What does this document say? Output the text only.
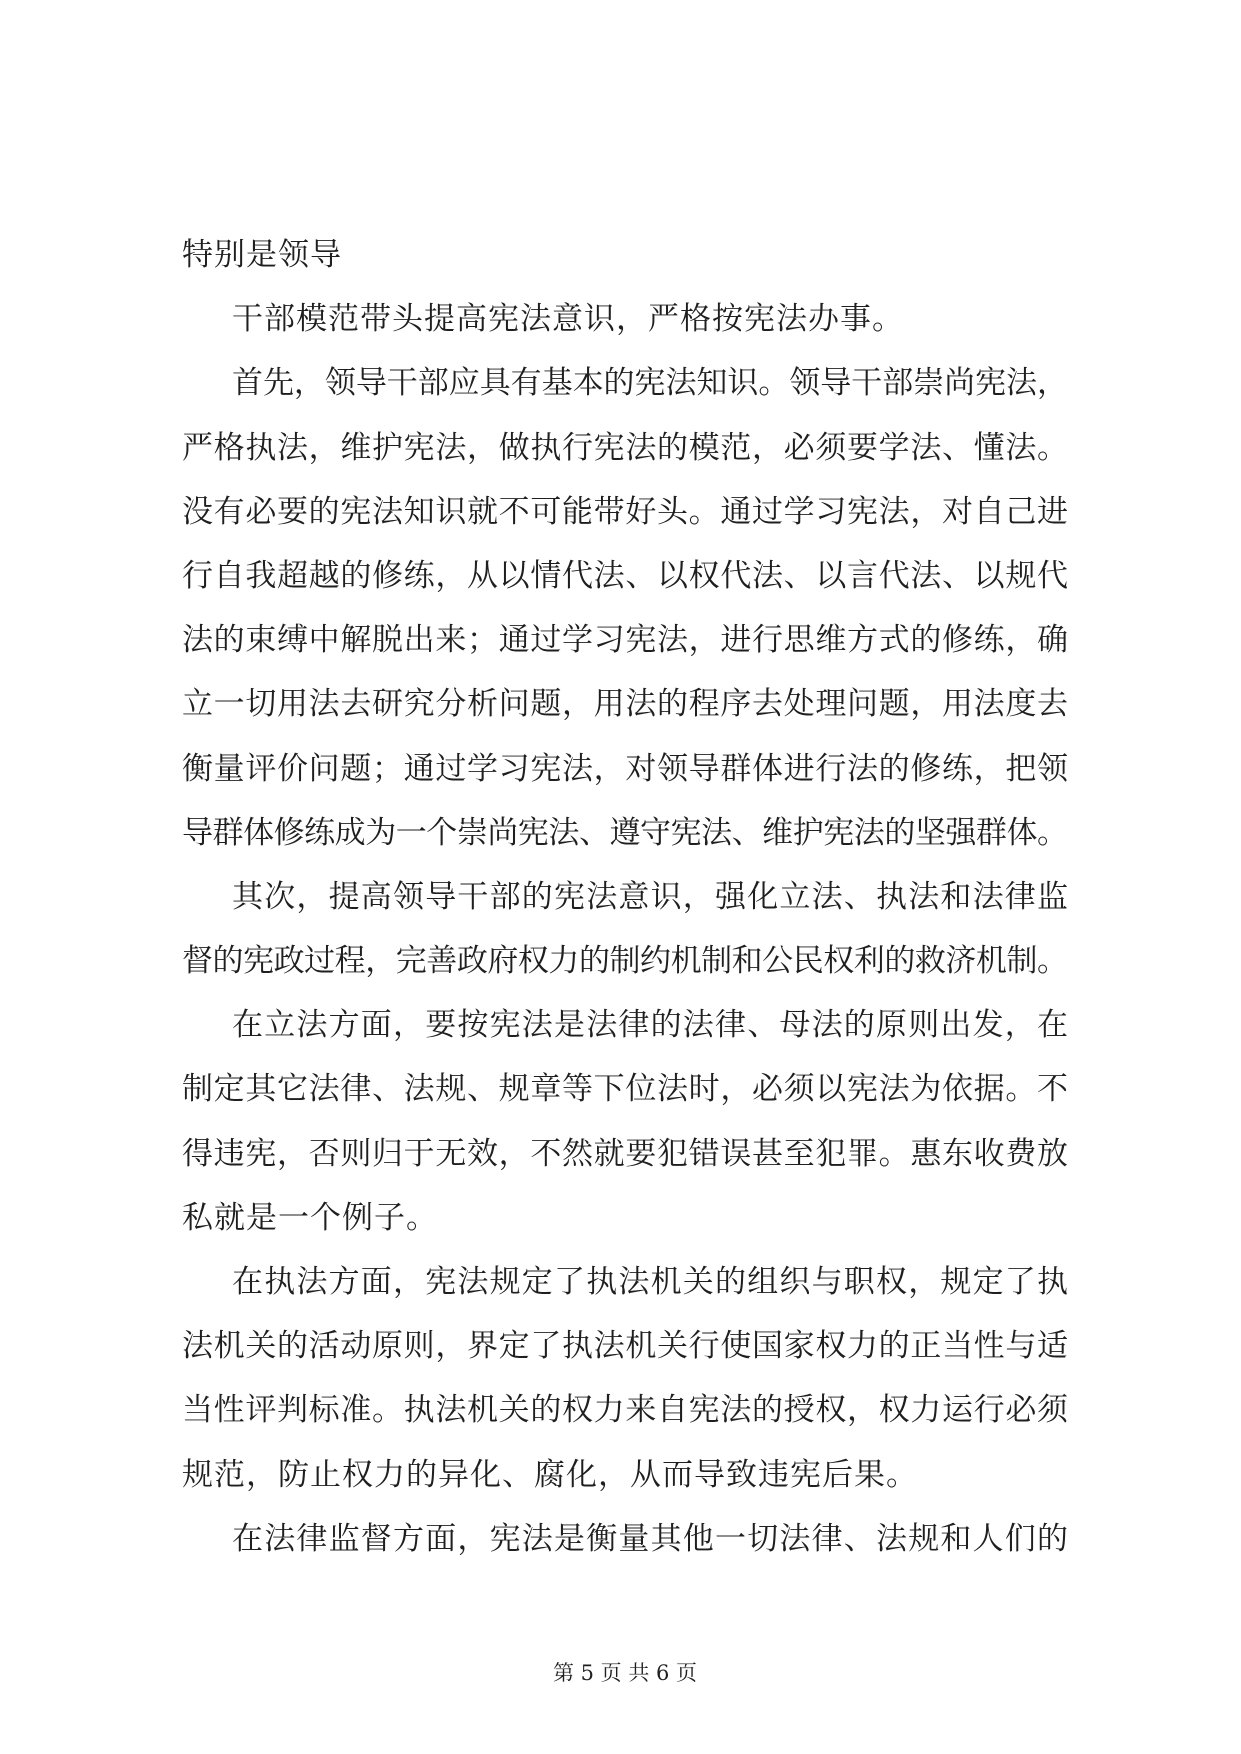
特别是领导
干部模范带头提高宪法意识，严格按宪法办事。
首先，领导干部应具有基本的宪法知识。领导干部崇尚宪法，
严格执法，维护宪法，做执行宪法的模范，必须要学法、懂法。
没有必要的宪法知识就不可能带好头。通过学习宪法，对自己进
行自我超越的修练，从以情代法、以权代法、以言代法、以规代
法的束缚中解脱出来；通过学习宪法，进行思维方式的修练，确
立一切用法去研究分析问题，用法的程序去处理问题，用法度去
衡量评价问题；通过学习宪法，对领导群体进行法的修练，把领
导群体修练成为一个崇尚宪法、遵守宪法、维护宪法的坚强群体。
其次，提高领导干部的宪法意识，强化立法、执法和法律监
督的宪政过程，完善政府权力的制约机制和公民权利的救济机制。
在立法方面，要按宪法是法律的法律、母法的原则出发，在
制定其它法律、法规、规章等下位法时，必须以宪法为依据。不
得违宪，否则归于无效，不然就要犯错误甚至犯罪。惠东收费放
私就是一个例子。
在执法方面，宪法规定了执法机关的组织与职权，规定了执
法机关的活动原则，界定了执法机关行使国家权力的正当性与适
当性评判标准。执法机关的权力来自宪法的授权，权力运行必须
规范，防止权力的异化、腐化，从而导致违宪后果。
在法律监督方面，宪法是衡量其他一切法律、法规和人们的
第 5 页 共 6 页
